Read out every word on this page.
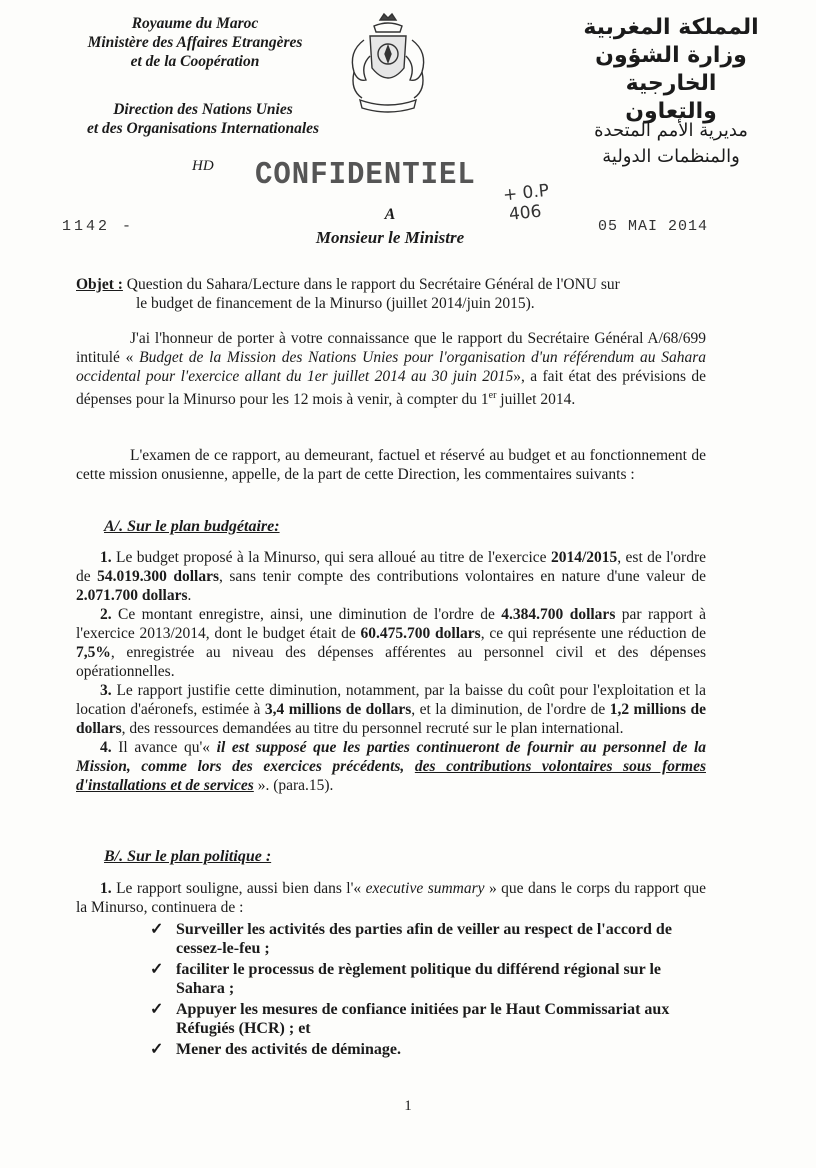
Royaume du Maroc
Ministère des Affaires Etrangères
et de la Coopération
Direction des Nations Unies
et des Organisations Internationales
المملكة المغربية
وزارة الشؤون الخارجية
والتعاون
مديرية الأمم المتحدة
والمنظمات الدولية
HD CONFIDENTIEL
1142 -
+ 0.P
406
05 MAI 2014
A
Monsieur le Ministre
Objet : Question du Sahara/Lecture dans le rapport du Secrétaire Général de l'ONU sur
le budget de financement de la Minurso (juillet 2014/juin 2015).

J'ai l'honneur de porter à votre connaissance que le rapport du Secrétaire Général A/68/699 intitulé « Budget de la Mission des Nations Unies pour l'organisation d'un référendum au Sahara occidental pour l'exercice allant du 1er juillet 2014 au 30 juin 2015», a fait état des prévisions de dépenses pour la Minurso pour les 12 mois à venir, à compter du 1er juillet 2014.

L'examen de ce rapport, au demeurant, factuel et réservé au budget et au fonctionnement de cette mission onusienne, appelle, de la part de cette Direction, les commentaires suivants :

A/. Sur le plan budgétaire:

1. Le budget proposé à la Minurso, qui sera alloué au titre de l'exercice 2014/2015, est de l'ordre de 54.019.300 dollars, sans tenir compte des contributions volontaires en nature d'une valeur de 2.071.700 dollars.

2. Ce montant enregistre, ainsi, une diminution de l'ordre de 4.384.700 dollars par rapport à l'exercice 2013/2014, dont le budget était de 60.475.700 dollars, ce qui représente une réduction de 7,5%, enregistrée au niveau des dépenses afférentes au personnel civil et des dépenses opérationnelles.

3. Le rapport justifie cette diminution, notamment, par la baisse du coût pour l'exploitation et la location d'aéronefs, estimée à 3,4 millions de dollars, et la diminution, de l'ordre de 1,2 millions de dollars, des ressources demandées au titre du personnel recruté sur le plan international.

4. Il avance qu'« il est supposé que les parties continueront de fournir au personnel de la Mission, comme lors des exercices précédents, des contributions volontaires sous formes d'installations et de services ». (para.15).

B/. Sur le plan politique :

1. Le rapport souligne, aussi bien dans l'« executive summary » que dans le corps du rapport que la Minurso, continuera de :

✓ Surveiller les activités des parties afin de veiller au respect de l'accord de cessez-le-feu ;
✓ faciliter le processus de règlement politique du différend régional sur le Sahara ;
✓ Appuyer les mesures de confiance initiées par le Haut Commissariat aux Réfugiés (HCR) ; et
✓ Mener des activités de déminage.
1
